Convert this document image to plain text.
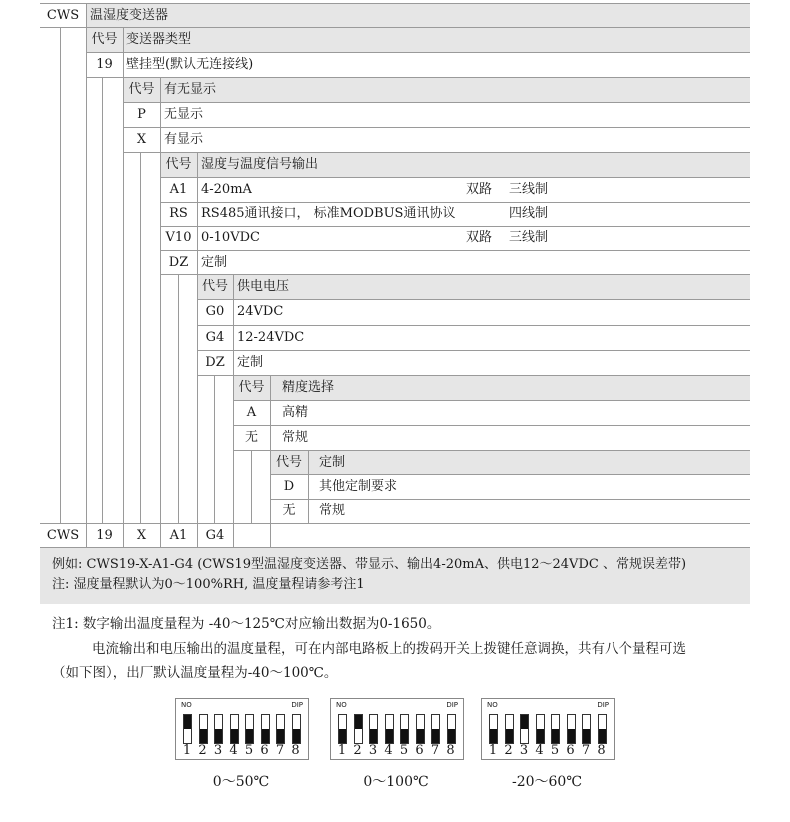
CWS 温湿度变送器
代号 变送器类型
19	壁挂型(默认无连接线)
代号 有无显示
P	无显示
X	有显示
代号 湿度与温度信号输出
A1	4-20mA	双路 三线制
RS	RS485通讯接口， 标准MODBUS通讯协议	四线制
V10 0-10VDC	双路 三线制
DZ 定制
代号 供电电压
G0 24VDC
G4 12-24VDC
DZ 定制
代号	精度选择
A	高精
无	常规
代号	定制
D	其他定制要求
无	常规
CWS	19	X	A1	G4
例如: CWS19-X-A1-G4 (CWS19型温湿度变送器、带显示、输出4-20mA、供电12～24VDC 、常规误差带)
注: 湿度量程默认为0～100%RH, 温度量程请参考注1
注1: 数字输出温度量程为 -40～125℃对应输出数据为0-1650。
电流输出和电压输出的温度量程，可在内部电路板上的拨码开关上拨键任意调换，共有八个量程可选
（如下图），出厂默认温度量程为-40～100℃。
NO	DIP
1 2 3 4 5 6 7 8
NO	DIP
1 2 3 4 5 6 7 8
NO	DIP
1 2 3 4 5 6 7 8
0～50℃	0～100℃	-20～60℃
